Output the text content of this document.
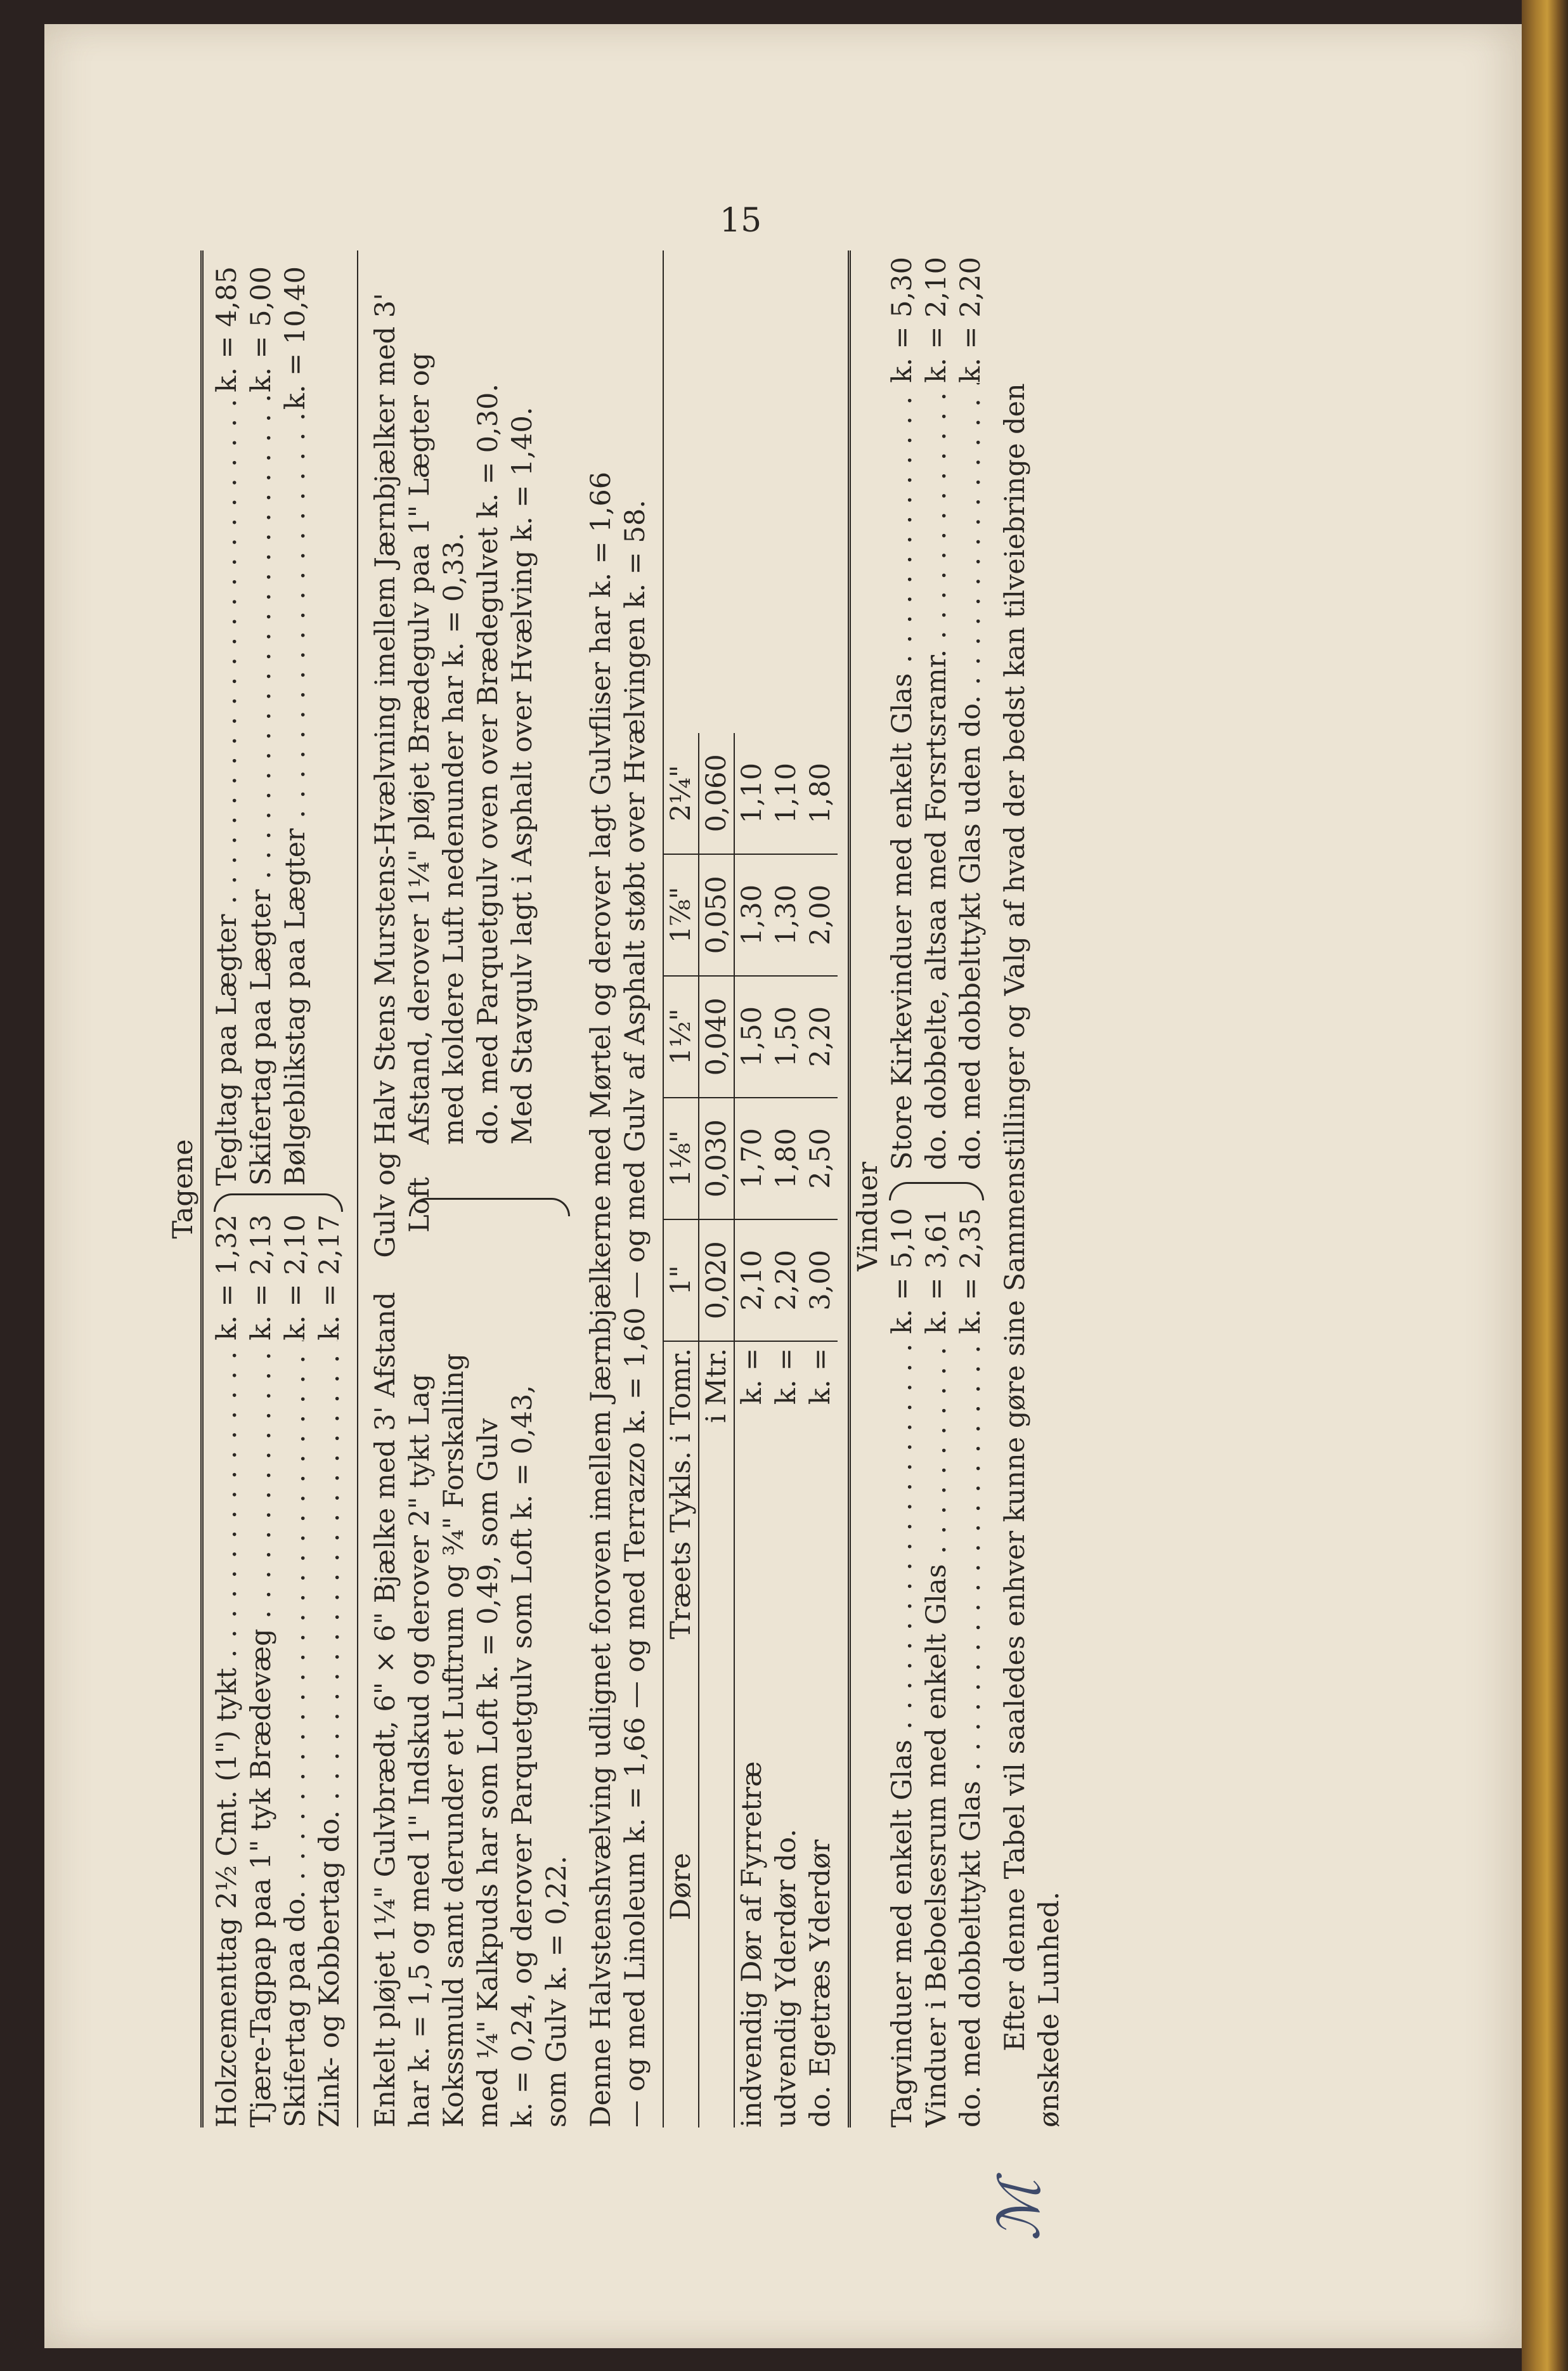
15
ℳ
Tagene
Holzcementtag 2½ Cmt. (1") tykt . . .
k. = 1,32
Tjære-Tagpap paa 1" tyk Brædevæg . . .
k. = 2,13
Skifertag paa do. . . .
k. = 2,10
Zink- og Kobbertag do. . . .
k. = 2,17
Tegltag paa Lægter . . .
k. = 4,85
Skifertag paa Lægter . . .
k. = 5,00
Bølgeblikstag paa Lægter . . .
k. = 10,40
Enkelt pløjet 1¼" Gulvbrædt, 6" × 6" Bjælke med 3' Afstand har k. = 1,5 og med 1" Indskud og derover 2" tykt Lag Kokssmuld samt derunder et Luftrum og ¾" Forskalling med ¼" Kalkpuds har som Loft k. = 0,49, som Gulv k. = 0,24, og derover Parquetgulv som Loft k. = 0,43, som Gulv k. = 0,22.
Gulv og Loft
Halv Stens Murstens-Hvælvning imellem Jærnbjælker med 3' Afstand, derover 1¼" pløjet Brædegulv paa 1" Lægter og med koldere Luft nedenunder har k. = 0,33. do. med Parquetgulv oven over Brædegulvet k. = 0,30. Med Stavgulv lagt i Asphalt over Hvælving k. = 1,40. Denne Halvstenshvælving udlignet foroven imellem Jærnbjælkerne med Mørtel og derover lagt Gulvfliser har k. = 1,66 — og med Linoleum k. = 1,66 — og med Terrazzo k. = 1,60 — og med Gulv af Asphalt støbt over Hvælvingen k. = 58. Døre	Træets Tykls. i Tomr.	1"	1⅛"	1½"	1⅞"	2¼"
	i Mtr.	0,020	0,030	0,040	0,050	0,060
indvendig Dør af Fyrretræ	k. =	2,10	1,70	1,50	1,30	1,10
udvendig Yderdør do.	k. =	2,20	1,80	1,50	1,30	1,10
do. Egetræs Yderdør	k. =	3,00	2,50	2,20	2,00	1,80
Tagvinduer med enkelt Glas . . .
k. = 5,10
Vinduer i Beboelsesrum med enkelt Glas . . .
k. = 3,61
do. med dobbelttykt Glas . . .
k. = 2,35
Vinduer
Store Kirkevinduer med enkelt Glas . . .
k. = 5,30
do. dobbelte, altsaa med Forsrtsramr. . . .
k. = 2,10
do. med dobbelttykt Glas uden do. . . .
k. = 2,20
Efter denne Tabel vil saaledes enhver kunne gøre sine Sammenstillinger og Valg af hvad der bedst kan tilveiebringe den ønskede Lunhed.
